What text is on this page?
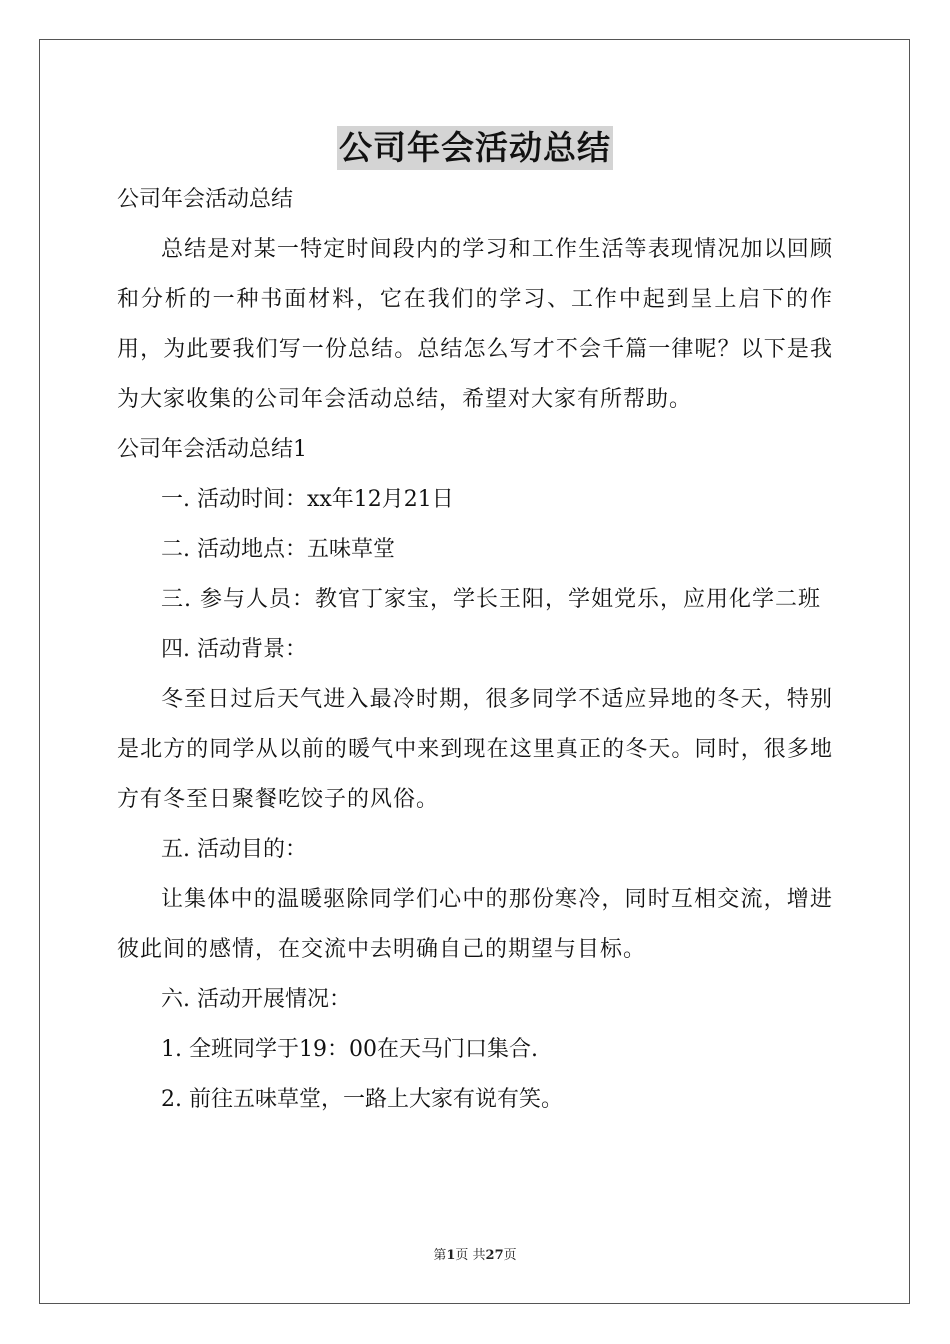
公司年会活动总结

公司年会活动总结

总结是对某一特定时间段内的学习和工作生活等表现情况加以回顾和分析的一种书面材料，它在我们的学习、工作中起到呈上启下的作用，为此要我们写一份总结。总结怎么写才不会千篇一律呢？以下是我为大家收集的公司年会活动总结，希望对大家有所帮助。

公司年会活动总结1

一. 活动时间：xx年12月21日

二. 活动地点：五味草堂

三. 参与人员：教官丁家宝，学长王阳，学姐党乐，应用化学二班

四. 活动背景：

冬至日过后天气进入最冷时期，很多同学不适应异地的冬天，特别是北方的同学从以前的暖气中来到现在这里真正的冬天。同时，很多地方有冬至日聚餐吃饺子的风俗。

五. 活动目的：

让集体中的温暖驱除同学们心中的那份寒冷，同时互相交流，增进彼此间的感情，在交流中去明确自己的期望与目标。

六. 活动开展情况：

1. 全班同学于19：00在天马门口集合.

2. 前往五味草堂，一路上大家有说有笑。

第1页 共27页
